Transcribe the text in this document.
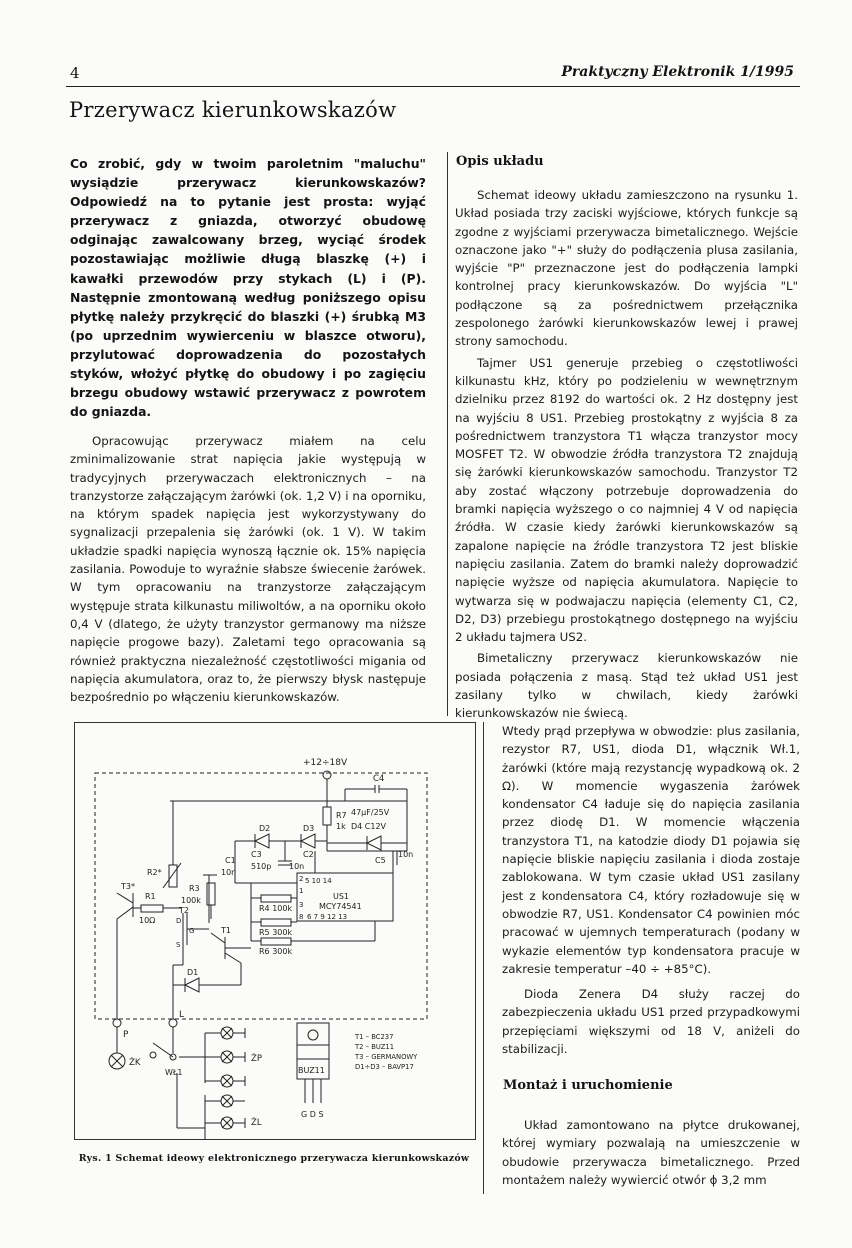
4	Praktyczny Elektronik 1/1995
Przerywacz kierunkowskazów
Co zrobić, gdy w twoim paroletnim "maluchu" wysiądzie przerywacz kierunkowskazów? Odpowiedź na to pytanie jest prosta: wyjąć przerywacz z gniazda, otworzyć obudowę odginając zawalcowany brzeg, wyciąć środek pozostawiając możliwie długą blaszkę (+) i kawałki przewodów przy stykach (L) i (P). Następnie zmontowaną według poniższego opisu płytkę należy przykręcić do blaszki (+) śrubką M3 (po uprzednim wywierceniu w blaszce otworu), przylutować doprowadzenia do pozostałych styków, włożyć płytkę do obudowy i po zagięciu brzegu obudowy wstawić przerywacz z powrotem do gniazda.

Opracowując przerywacz miałem na celu zminimalizowanie strat napięcia jakie występują w tradycyjnych przerywaczach elektronicznych – na tranzystorze załączającym żarówki (ok. 1,2 V) i na oporniku, na którym spadek napięcia jest wykorzystywany do sygnalizacji przepalenia się żarówki (ok. 1 V). W takim układzie spadki napięcia wynoszą łącznie ok. 15% napięcia zasilania. Powoduje to wyraźnie słabsze świecenie żarówek. W tym opracowaniu na tranzystorze załączającym występuje strata kilkunastu miliwoltów, a na oporniku około 0,4 V (dlatego, że użyty tranzystor germanowy ma niższe napięcie progowe bazy). Zaletami tego opracowania są również praktyczna niezależność częstotliwości migania od napięcia akumulatora, oraz to, że pierwszy błysk następuje bezpośrednio po włączeniu kierunkowskazów.

Opis układu

Schemat ideowy układu zamieszczono na rysunku 1. Układ posiada trzy zaciski wyjściowe, których funkcje są zgodne z wyjściami przerywacza bimetalicznego. Wejście oznaczone jako "+" służy do podłączenia plusa zasilania, wyjście "P" przeznaczone jest do podłączenia lampki kontrolnej pracy kierunkowskazów. Do wyjścia "L" podłączone są za pośrednictwem przełącznika zespolonego żarówki kierunkowskazów lewej i prawej strony samochodu.

Tajmer US1 generuje przebieg o częstotliwości kilkunastu kHz, który po podzieleniu w wewnętrznym dzielniku przez 8192 do wartości ok. 2 Hz dostępny jest na wyjściu 8 US1. Przebieg prostokątny z wyjścia 8 za pośrednictwem tranzystora T1 włącza tranzystor mocy MOSFET T2. W obwodzie źródła tranzystora T2 znajdują się żarówki kierunkowskazów samochodu. Tranzystor T2 aby zostać włączony potrzebuje doprowadzenia do bramki napięcia wyższego o co najmniej 4 V od napięcia źródła. W czasie kiedy żarówki kierunkowskazów są zapalone napięcie na źródle tranzystora T2 jest bliskie napięciu zasilania. Zatem do bramki należy doprowadzić napięcie wyższe od napięcia akumulatora. Napięcie to wytwarza się w podwajaczu napięcia (elementy C1, C2, D2, D3) przebiegu prostokątnego dostępnego na wyjściu 2 układu tajmera US2.

Bimetaliczny przerywacz kierunkowskazów nie posiada połączenia z masą. Stąd też układ US1 jest zasilany tylko w chwilach, kiedy żarówki kierunkowskazów nie świecą.

Wtedy prąd przepływa w obwodzie: plus zasilania, rezystor R7, US1, dioda D1, włącznik Wł.1, żarówki (które mają rezystancję wypadkową ok. 2 Ω). W momencie wygaszenia żarówek kondensator C4 ładuje się do napięcia zasilania przez diodę D1. W momencie włączenia tranzystora T1, na katodzie diody D1 pojawia się napięcie bliskie napięciu zasilania i dioda zostaje zablokowana. W tym czasie układ US1 zasilany jest z kondensatora C4, który rozładowuje się w obwodzie R7, US1. Kondensator C4 powinien móc pracować w ujemnych temperaturach (podany w wykazie elementów typ kondensatora pracuje w zakresie temperatur –40 ÷ +85°C).

Dioda Zenera D4 służy raczej do zabezpieczenia układu US1 przed przypadkowymi przepięciami większymi od 18 V, aniżeli do stabilizacji.

Montaż i uruchomienie

Układ zamontowano na płytce drukowanej, której wymiary pozwalają na umieszczenie w obudowie przerywacza bimetalicznego. Przed montażem należy wywiercić otwór ϕ 3,2 mm

+12÷18V
C4
R7
1k
47μF/25V
D4 C12V
D2	D3
C3	C2
510p 10n
C5
10n
5 10 14
US1
MCY74541
6 7 9 12 13
2
1
3
8
R4 100k
R5 300k
R6 300k
C1
10n
R3
100k
R2*
T3*
R1
10Ω
T2
D
G
S
T1
D1
P
L
ŻK
WŁ1
ŻP
ŻL
BUZ11
G D S
T1 – BC237
T2 – BUZ11
T3 – GERMANOWY
D1÷D3 – BAVP17
Rys. 1 Schemat ideowy elektronicznego przerywacza kierunkowskazów
